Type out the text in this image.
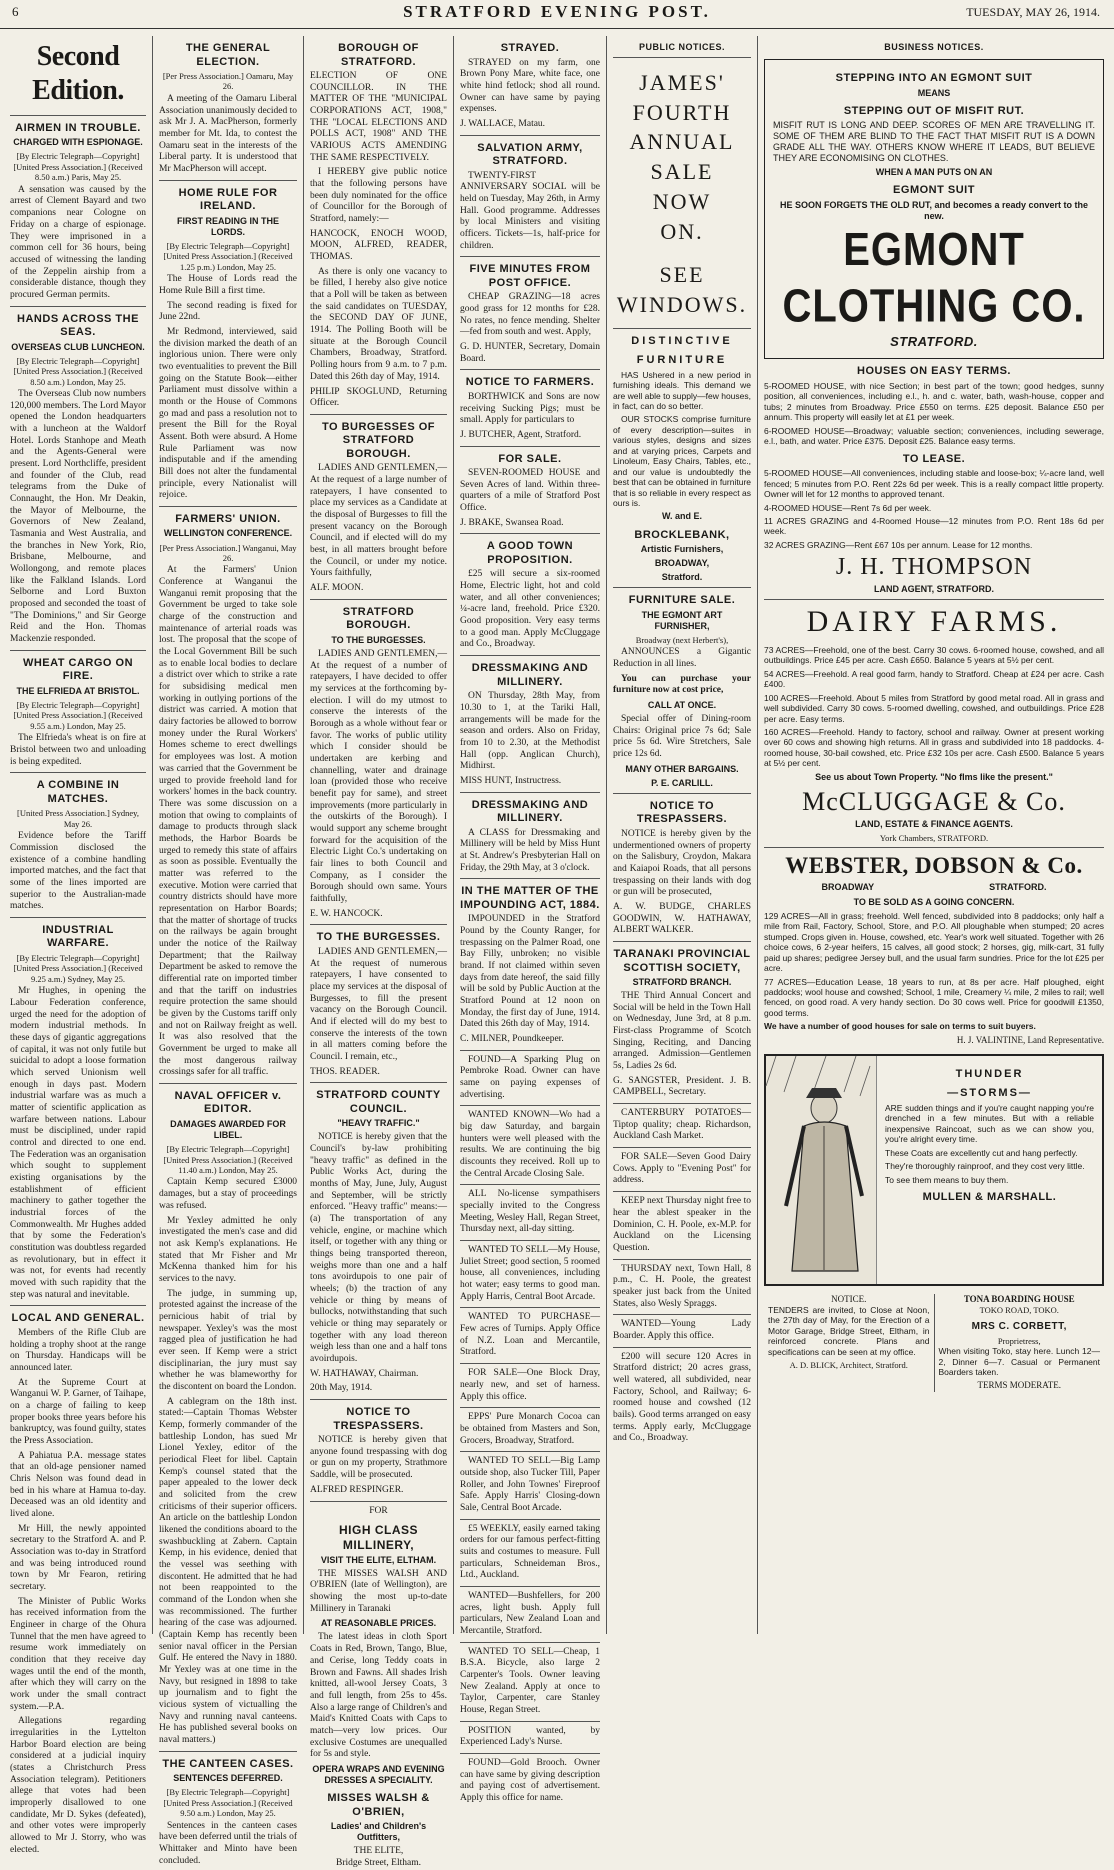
6	STRATFORD EVENING POST.	TUESDAY, MAY 26, 1914.
Second Edition.
AIRMEN IN TROUBLE.
CHARGED WITH ESPIONAGE.
[By Electric Telegraph—Copyright] [United Press Association.] (Received 8.50 a.m.) Paris, May 25.

A sensation was caused by the arrest of Clement Bayard and two companions near Cologne on Friday on a charge of espionage. They were imprisoned in a common cell for 36 hours, being accused of witnessing the landing of the Zeppelin airship from a considerable distance, though they procured German permits.

HANDS ACROSS THE SEAS.
OVERSEAS CLUB LUNCHEON.
[By Electric Telegraph—Copyright] [United Press Association.] (Received 8.50 a.m.) London, May 25.

The Overseas Club now numbers 120,000 members. The Lord Mayor opened the London headquarters with a luncheon at the Waldorf Hotel. Lords Stanhope and Meath and the Agents-General were present. Lord Northcliffe, president and founder of the Club, read telegrams from the Duke of Connaught, the Hon. Mr Deakin, the Mayor of Melbourne, the Governors of New Zealand, Tasmania and West Australia, and the branches in New York, Rio, Brisbane, Melbourne, and Wollongong, and remote places like the Falkland Islands. Lord Selborne and Lord Buxton proposed and seconded the toast of "The Dominions," and Sir George Reid and the Hon. Thomas Mackenzie responded.

WHEAT CARGO ON FIRE.
THE ELFRIEDA AT BRISTOL.
[By Electric Telegraph—Copyright] [United Press Association.] (Received 9.55 a.m.) London, May 25.

The Elfrieda's wheat is on fire at Bristol between two and unloading is being expedited.

A COMBINE IN MATCHES.
[United Press Association.] Sydney, May 26.

Evidence before the Tariff Commission disclosed the existence of a combine handling imported matches, and the fact that some of the lines imported are superior to the Australian-made matches.

INDUSTRIAL WARFARE.
[By Electric Telegraph—Copyright] [United Press Association.] (Received 9.25 a.m.) Sydney, May 25.

Mr Hughes, in opening the Labour Federation conference, urged the need for the adoption of modern industrial methods. In these days of gigantic aggregations of capital, it was not only futile but suicidal to adopt a loose formation which served Unionism well enough in days past. Modern industrial warfare was as much a matter of scientific application as warfare between nations. Labour must be disciplined, under rapid control and directed to one end. The Federation was an organisation which sought to supplement existing organisations by the establishment of efficient machinery to gather together the industrial forces of the Commonwealth. Mr Hughes added that by some the Federation's constitution was doubtless regarded as revolutionary, but in effect it was not, for events had recently moved with such rapidity that the step was natural and inevitable.

LOCAL AND GENERAL.

Members of the Rifle Club are holding a trophy shoot at the range on Thursday. Handicaps will be announced later.

At the Supreme Court at Wanganui W. P. Garner, of Taihape, on a charge of failing to keep proper books three years before his bankruptcy, was found guilty, states the Press Association.

A Pahiatua P.A. message states that an old-age pensioner named Chris Nelson was found dead in bed in his whare at Hamua to-day. Deceased was an old identity and lived alone.

Mr Hill, the newly appointed secretary to the Stratford A. and P. Association was to-day in Stratford and was being introduced round town by Mr Fearon, retiring secretary.

The Minister of Public Works has received information from the Engineer in charge of the Ohura Tunnel that the men have agreed to resume work immediately on condition that they receive day wages until the end of the month, after which they will carry on the work under the small contract system.—P.A.

Allegations regarding irregularities in the Lyttelton Harbor Board election are being considered at a judicial inquiry (states a Christchurch Press Association telegram). Petitioners allege that votes had been improperly disallowed to one candidate, Mr D. Sykes (defeated), and other votes were improperly allowed to Mr J. Storry, who was elected.

THE GENERAL ELECTION.
[Per Press Association.] Oamaru, May 26.

A meeting of the Oamaru Liberal Association unanimously decided to ask Mr J. A. MacPherson, formerly member for Mt. Ida, to contest the Oamaru seat in the interests of the Liberal party. It is understood that Mr MacPherson will accept.

HOME RULE FOR IRELAND.
FIRST READING IN THE LORDS.
[By Electric Telegraph—Copyright] [United Press Association.] (Received 1.25 p.m.) London, May 25.

The House of Lords read the Home Rule Bill a first time.

The second reading is fixed for June 22nd.

Mr Redmond, interviewed, said the division marked the death of an inglorious union. There were only two eventualities to prevent the Bill going on the Statute Book—either Parliament must dissolve within a month or the House of Commons go mad and pass a resolution not to present the Bill for the Royal Assent. Both were absurd. A Home Rule Parliament was now indisputable and if the amending Bill does not alter the fundamental principle, every Nationalist will rejoice.

FARMERS' UNION.
WELLINGTON CONFERENCE.
[Per Press Association.] Wanganui, May 26.

At the Farmers' Union Conference at Wanganui the Wanganui remit proposing that the Government be urged to take sole charge of the construction and maintenance of arterial roads was lost. The proposal that the scope of the Local Government Bill be such as to enable local bodies to declare a district over which to strike a rate for subsidising medical men working in outlying portions of the district was carried. A motion that dairy factories be allowed to borrow money under the Rural Workers' Homes scheme to erect dwellings for employees was lost. A motion was carried that the Government be urged to provide freehold land for workers' homes in the back country. There was some discussion on a motion that owing to complaints of damage to products through slack methods, the Harbor Boards be urged to remedy this state of affairs as soon as possible. Eventually the matter was referred to the executive. Motion were carried that country districts should have more representation on Harbor Boards; that the matter of shortage of trucks on the railways be again brought under the notice of the Railway Department; that the Railway Department be asked to remove the differential rate on imported timber and that the tariff on industries require protection the same should be given by the Customs tariff only and not on Railway freight as well. It was also resolved that the Government be urged to make all the most dangerous railway crossings safer for all traffic.

NAVAL OFFICER v. EDITOR.
DAMAGES AWARDED FOR LIBEL.
[By Electric Telegraph—Copyright] [United Press Association.] (Received 11.40 a.m.) London, May 25.

Captain Kemp secured £3000 damages, but a stay of proceedings was refused.

Mr Yexley admitted he only investigated the men's case and did not ask Kemp's explanations. He stated that Mr Fisher and Mr McKenna thanked him for his services to the navy.

The judge, in summing up, protested against the increase of the pernicious habit of trial by newspaper. Yexley's was the most ragged plea of justification he had ever seen. If Kemp were a strict disciplinarian, the jury must say whether he was blameworthy for the discontent on board the London.

A cablegram on the 18th inst. stated:—Captain Thomas Webster Kemp, formerly commander of the battleship London, has sued Mr Lionel Yexley, editor of the periodical Fleet for libel. Captain Kemp's counsel stated that the paper appealed to the lower deck and solicited from the crew criticisms of their superior officers. An article on the battleship London likened the conditions aboard to the swashbuckling at Zabern. Captain Kemp, in his evidence, denied that the vessel was seething with discontent. He admitted that he had not been reappointed to the command of the London when she was recommissioned. The further hearing of the case was adjourned. (Captain Kemp has recently been senior naval officer in the Persian Gulf. He entered the Navy in 1880. Mr Yexley was at one time in the Navy, but resigned in 1898 to take up journalism and to fight the vicious system of victualling the Navy and running naval canteens. He has published several books on naval matters.)

THE CANTEEN CASES.
SENTENCES DEFERRED.
[By Electric Telegraph—Copyright] [United Press Association.] (Received 9.50 a.m.) London, May 25.

Sentences in the canteen cases have been deferred until the trials of Whittaker and Minto have been concluded.

BOROUGH OF STRATFORD.

ELECTION OF ONE COUNCILLOR. IN THE MATTER OF THE "MUNICIPAL CORPORATIONS ACT, 1908," THE "LOCAL ELECTIONS AND POLLS ACT, 1908" AND THE VARIOUS ACTS AMENDING THE SAME RESPECTIVELY.

I HEREBY give public notice that the following persons have been duly nominated for the office of Councillor for the Borough of Stratford, namely:—

HANCOCK, ENOCH WOOD, MOON, ALFRED, READER, THOMAS.

As there is only one vacancy to be filled, I hereby also give notice that a Poll will be taken as between the said candidates on TUESDAY, the SECOND DAY OF JUNE, 1914. The Polling Booth will be situate at the Borough Council Chambers, Broadway, Stratford. Polling hours from 9 a.m. to 7 p.m. Dated this 26th day of May, 1914.

PHILIP SKOGLUND, Returning Officer.

TO BURGESSES OF STRATFORD BOROUGH.

LADIES AND GENTLEMEN,—At the request of a large number of ratepayers, I have consented to place my services as a Candidate at the disposal of Burgesses to fill the present vacancy on the Borough Council, and if elected will do my best, in all matters brought before the Council, or under my notice. Yours faithfully,

ALF. MOON.

STRATFORD BOROUGH.
TO THE BURGESSES.

LADIES AND GENTLEMEN,—At the request of a number of ratepayers, I have decided to offer my services at the forthcoming by-election. I will do my utmost to conserve the interests of the Borough as a whole without fear or favor. The works of public utility which I consider should be undertaken are kerbing and channelling, water and drainage loan (provided those who receive benefit pay for same), and street improvements (more particularly in the outskirts of the Borough). I would support any scheme brought forward for the acquisition of the Electric Light Co.'s undertaking on fair lines to both Council and Company, as I consider the Borough should own same. Yours faithfully,

E. W. HANCOCK.

TO THE BURGESSES.

LADIES AND GENTLEMEN,—At the request of numerous ratepayers, I have consented to place my services at the disposal of Burgesses, to fill the present vacancy on the Borough Council. And if elected will do my best to conserve the interests of the town in all matters coming before the Council. I remain, etc.,

THOS. READER.

STRATFORD COUNTY COUNCIL.
"HEAVY TRAFFIC."

NOTICE is hereby given that the Council's by-law prohibiting "heavy traffic" as defined in the Public Works Act, during the months of May, June, July, August and September, will be strictly enforced. "Heavy traffic" means:—(a) The transportation of any vehicle, engine, or machine which itself, or together with any thing or things being transported thereon, weighs more than one and a half tons avoirdupois to one pair of wheels; (b) the traction of any vehicle or thing by means of bullocks, notwithstanding that such vehicle or thing may separately or together with any load thereon weigh less than one and a half tons avoirdupois.

W. HATHAWAY, Chairman.

20th May, 1914.

NOTICE TO TRESPASSERS.

NOTICE is hereby given that anyone found trespassing with dog or gun on my property, Strathmore Saddle, will be prosecuted.

ALFRED RESPINGER.

FOR
HIGH CLASS MILLINERY,
VISIT THE ELITE, ELTHAM.

THE MISSES WALSH AND O'BRIEN (late of Wellington), are showing the most up-to-date Millinery in Taranaki

AT REASONABLE PRICES.

The latest ideas in cloth Sport Coats in Red, Brown, Tango, Blue, and Cerise, long Teddy coats in Brown and Fawns. All shades Irish knitted, all-wool Jersey Coats, 3 and full length, from 25s to 45s. Also a large range of Children's and Maid's Knitted Coats with Caps to match—very low prices. Our exclusive Costumes are unequalled for 5s and style.

OPERA WRAPS AND EVENING DRESSES A SPECIALITY.
MISSES WALSH & O'BRIEN,
Ladies' and Children's Outfitters,
THE ELITE,
Bridge Street, Eltham.
STRAYED.

STRAYED on my farm, one Brown Pony Mare, white face, one white hind fetlock; shod all round. Owner can have same by paying expenses.

J. WALLACE, Matau.

SALVATION ARMY, STRATFORD.

TWENTY-FIRST ANNIVERSARY SOCIAL will be held on Tuesday, May 26th, in Army Hall. Good programme. Addresses by local Ministers and visiting officers. Tickets—1s, half-price for children.

FIVE MINUTES FROM POST OFFICE.

CHEAP GRAZING—18 acres good grass for 12 months for £28. No rates, no fence mending. Shelter—fed from south and west. Apply,

G. D. HUNTER, Secretary, Domain Board.

NOTICE TO FARMERS.

BORTHWICK and Sons are now receiving Sucking Pigs; must be small. Apply for particulars to

J. BUTCHER, Agent, Stratford.

FOR SALE.

SEVEN-ROOMED HOUSE and Seven Acres of land. Within three-quarters of a mile of Stratford Post Office.

J. BRAKE, Swansea Road.

A GOOD TOWN PROPOSITION.

£25 will secure a six-roomed Home, Electric light, hot and cold water, and all other conveniences; ¼-acre land, freehold. Price £320. Good proposition. Very easy terms to a good man. Apply McCluggage and Co., Broadway.

DRESSMAKING AND MILLINERY.

ON Thursday, 28th May, from 10.30 to 1, at the Tariki Hall, arrangements will be made for the season and orders. Also on Friday, from 10 to 2.30, at the Methodist Hall (opp. Anglican Church), Midhirst.

MISS HUNT, Instructress.

DRESSMAKING AND MILLINERY.

A CLASS for Dressmaking and Millinery will be held by Miss Hunt at St. Andrew's Presbyterian Hall on Friday, the 29th May, at 3 o'clock.

IN THE MATTER OF THE IMPOUNDING ACT, 1884.

IMPOUNDED in the Stratford Pound by the County Ranger, for trespassing on the Palmer Road, one Bay Filly, unbroken; no visible brand. If not claimed within seven days from date hereof, the said filly will be sold by Public Auction at the Stratford Pound at 12 noon on Monday, the first day of June, 1914. Dated this 26th day of May, 1914.

C. MILNER, Poundkeeper.

FOUND—A Sparking Plug on Pembroke Road. Owner can have same on paying expenses of advertising.

WANTED KNOWN—Wo had a big daw Saturday, and bargain hunters were well pleased with the results. We are continuing the big discounts they received. Roll up to the Central Arcade Closing Sale.

ALL No-license sympathisers specially invited to the Congress Meeting, Wesley Hall, Regan Street, Thursday next, all-day sitting.

WANTED TO SELL—My House, Juliet Street; good section, 5 roomed house, all conveniences, including hot water; easy terms to good man. Apply Harris, Central Boot Arcade.

WANTED TO PURCHASE—Few acres of Turnips. Apply Office of N.Z. Loan and Mercantile, Stratford.

FOR SALE—One Block Dray, nearly new, and set of harness. Apply this office.

EPPS' Pure Monarch Cocoa can be obtained from Masters and Son, Grocers, Broadway, Stratford.

WANTED TO SELL—Big Lamp outside shop, also Tucker Till, Paper Roller, and John Townes' Fireproof Safe. Apply Harris' Closing-down Sale, Central Boot Arcade.

£5 WEEKLY, easily earned taking orders for our famous perfect-fitting suits and costumes to measure. Full particulars, Schneideman Bros., Ltd., Auckland.

WANTED—Bushfellers, for 200 acres, light bush. Apply full particulars, New Zealand Loan and Mercantile, Stratford.

WANTED TO SELL—Cheap, 1 B.S.A. Bicycle, also large 2 Carpenter's Tools. Owner leaving New Zealand. Apply at once to Taylor, Carpenter, care Stanley House, Regan Street.

POSITION wanted, by Experienced Lady's Nurse.

FOUND—Gold Brooch. Owner can have same by giving description and paying cost of advertisement. Apply this office for name.

PUBLIC NOTICES.
JAMES'
FOURTH
ANNUAL
SALE
NOW
ON.
SEE
WINDOWS.
DISTINCTIVE
FURNITURE

HAS Ushered in a new period in furnishing ideals. This demand we are well able to supply—few houses, in fact, can do so better.

OUR STOCKS comprise furniture of every description—suites in various styles, designs and sizes and at varying prices, Carpets and Linoleum, Easy Chairs, Tables, etc., and our value is undoubtedly the best that can be obtained in furniture that is so reliable in every respect as ours is.

W. and E.
BROCKLEBANK,
Artistic Furnishers,
BROADWAY,
Stratford.
FURNITURE SALE.
THE EGMONT ART FURNISHER,
Broadway (next Herbert's),

ANNOUNCES a Gigantic Reduction in all lines.

You can purchase your furniture now at cost price,

CALL AT ONCE.

Special offer of Dining-room Chairs: Original price 7s 6d; Sale price 5s 6d. Wire Stretchers, Sale price 12s 6d.

MANY OTHER BARGAINS.
P. E. CARLILL.
NOTICE TO TRESPASSERS.

NOTICE is hereby given by the undermentioned owners of property on the Salisbury, Croydon, Makara and Kaiapoi Roads, that all persons trespassing on their lands with dog or gun will be prosecuted,

A. W. BUDGE, CHARLES GOODWIN, W. HATHAWAY, ALBERT WALKER.

TARANAKI PROVINCIAL SCOTTISH SOCIETY,
STRATFORD BRANCH.

THE Third Annual Concert and Social will be held in the Town Hall on Wednesday, June 3rd, at 8 p.m. First-class Programme of Scotch Singing, Reciting, and Dancing arranged. Admission—Gentlemen 5s, Ladies 2s 6d.

G. SANGSTER, President. J. B. CAMPBELL, Secretary.

CANTERBURY POTATOES—Tiptop quality; cheap. Richardson, Auckland Cash Market.

FOR SALE—Seven Good Dairy Cows. Apply to "Evening Post" for address.

KEEP next Thursday night free to hear the ablest speaker in the Dominion, C. H. Poole, ex-M.P. for Auckland on the Licensing Question.

THURSDAY next, Town Hall, 8 p.m., C. H. Poole, the greatest speaker just back from the United States, also Wesly Spraggs.

WANTED—Young Lady Boarder. Apply this office.

£200 will secure 120 Acres in Stratford district; 20 acres grass, well watered, all subdivided, near Factory, School, and Railway; 6-roomed house and cowshed (12 bails). Good terms arranged on easy terms. Apply early, McCluggage and Co., Broadway.

BUSINESS NOTICES.
STEPPING INTO AN EGMONT SUIT
MEANS
STEPPING OUT OF MISFIT RUT.

MISFIT RUT IS LONG AND DEEP. SCORES OF MEN ARE TRAVELLING IT. SOME OF THEM ARE BLIND TO THE FACT THAT MISFIT RUT IS A DOWN GRADE ALL THE WAY. OTHERS KNOW WHERE IT LEADS, BUT BELIEVE THEY ARE ECONOMISING ON CLOTHES.

WHEN A MAN PUTS ON AN
EGMONT SUIT
HE SOON FORGETS THE OLD RUT, and becomes a ready convert to the new.
EGMONT CLOTHING CO.
STRATFORD.
HOUSES ON EASY TERMS.

5-ROOMED HOUSE, with nice Section; in best part of the town; good hedges, sunny position, all conveniences, including e.l., h. and c. water, bath, wash-house, copper and tubs; 2 minutes from Broadway. Price £550 on terms. £25 deposit. Balance £50 per annum. This property will easily let at £1 per week.

6-ROOMED HOUSE—Broadway; valuable section; conveniences, including sewerage, e.l., bath, and water. Price £375. Deposit £25. Balance easy terms.

TO LEASE.

5-ROOMED HOUSE—All conveniences, including stable and loose-box; ¼-acre land, well fenced; 5 minutes from P.O. Rent 22s 6d per week. This is a really compact little property. Owner will let for 12 months to approved tenant.

4-ROOMED HOUSE—Rent 7s 6d per week.

11 ACRES GRAZING and 4-Roomed House—12 minutes from P.O. Rent 18s 6d per week.

32 ACRES GRAZING—Rent £67 10s per annum. Lease for 12 months.

J. H. THOMPSON
LAND AGENT, STRATFORD.
DAIRY FARMS.

73 ACRES—Freehold, one of the best. Carry 30 cows. 6-roomed house, cowshed, and all outbuildings. Price £45 per acre. Cash £650. Balance 5 years at 5½ per cent.

54 ACRES—Freehold. A real good farm, handy to Stratford. Cheap at £24 per acre. Cash £400.

100 ACRES—Freehold. About 5 miles from Stratford by good metal road. All in grass and well subdivided. Carry 30 cows. 5-roomed dwelling, cowshed, and outbuildings. Price £28 per acre. Easy terms.

160 ACRES—Freehold. Handy to factory, school and railway. Owner at present working over 60 cows and showing high returns. All in grass and subdivided into 18 paddocks. 4-roomed house, 30-bail cowshed, etc. Price £32 10s per acre. Cash £500. Balance 5 years at 5½ per cent.

See us about Town Property. "No flms like the present."
McCLUGGAGE & Co.
LAND, ESTATE & FINANCE AGENTS.
York Chambers, STRATFORD.
WEBSTER, DOBSON & Co.
BROADWAY	STRATFORD.
TO BE SOLD AS A GOING CONCERN.

129 ACRES—All in grass; freehold. Well fenced, subdivided into 8 paddocks; only half a mile from Rail, Factory, School, Store, and P.O. All ploughable when stumped; 20 acres stumped. Crops given in. House, cowshed, etc. Year's work well situated. Together with 26 choice cows, 6 2-year heifers, 15 calves, all good stock; 2 horses, gig, milk-cart, 31 fully paid up shares; pedigree Jersey bull, and the usual farm sundries. Price for the lot £25 per acre.

77 ACRES—Education Lease, 18 years to run, at 8s per acre. Half ploughed, eight paddocks; wool house and cowshed; School, 1 mile, Creamery ¼ mile, 2 miles to rail; well fenced, on good road. A very handy section. Do 30 cows well. Price for goodwill £1350, good terms.

We have a number of good houses for sale on terms to suit buyers.

H. J. VALINTINE, Land Representative.
THUNDER
—STORMS—

ARE sudden things and if you're caught napping you're drenched in a few minutes. But with a reliable inexpensive Raincoat, such as we can show you, you're alright every time.

These Coats are excellently cut and hang perfectly.

They're thoroughly rainproof, and they cost very little.

To see them means to buy them.

MULLEN & MARSHALL.
NOTICE.

TENDERS are invited, to Close at Noon, the 27th day of May, for the Erection of a Motor Garage, Bridge Street, Eltham, in reinforced concrete. Plans and specifications can be seen at my office.

A. D. BLICK, Architect, Stratford.
TONA BOARDING HOUSE
TOKO ROAD, TOKO.
MRS C. CORBETT,
Proprietress,

When visiting Toko, stay here. Lunch 12—2, Dinner 6—7. Casual or Permanent Boarders taken.

TERMS MODERATE.
